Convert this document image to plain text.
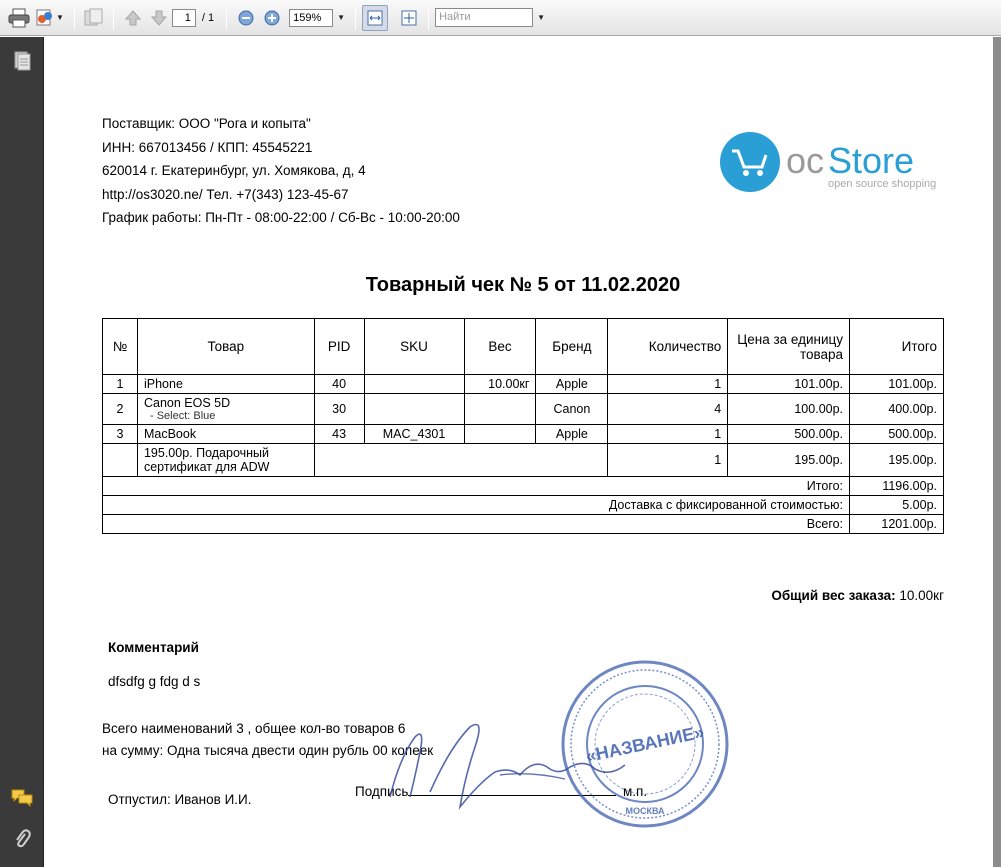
▼	1	/ 1	159%	▼	Найти	▼
Поставщик: ООО "Рога и копыта"
ИНН: 667013456 / КПП: 45545221
620014 г. Екатеринбург, ул. Хомякова, д, 4
http://os3020.ne/ Тел. +7(343) 123-45-67
График работы: Пн-Пт - 08:00-22:00 / Сб-Вс - 10:00-20:00
oc Store
open source shopping
Товарный чек № 5 от 11.02.2020
№	Товар	PID	SKU	Вес	Бренд	Количество	Цена за единицу товара	Итого
1	iPhone	40		10.00кг	Apple	1	101.00р.	101.00р.
2	Canon EOS 5D
- Select: Blue	30			Canon	4	100.00р.	400.00р.
3	MacBook	43	MAC_4301		Apple	1	500.00р.	500.00р.
	195.00р. Подарочный сертификат для ADW					1	195.00р.	195.00р.
Итого:								1196.00р.
Доставка с фиксированной стоимостью:								5.00р.
Всего:								1201.00р.
Общий вес заказа: 10.00кг
Комментарий
dfsdfg g fdg d s
Всего наименований 3 , общее кол-во товаров 6
на сумму: Одна тысяча двести один рубль 00 копеек
Отпустил: Иванов И.И.
Подпись	м.п.
«НАЗВАНИЕ»
МОСКВА
